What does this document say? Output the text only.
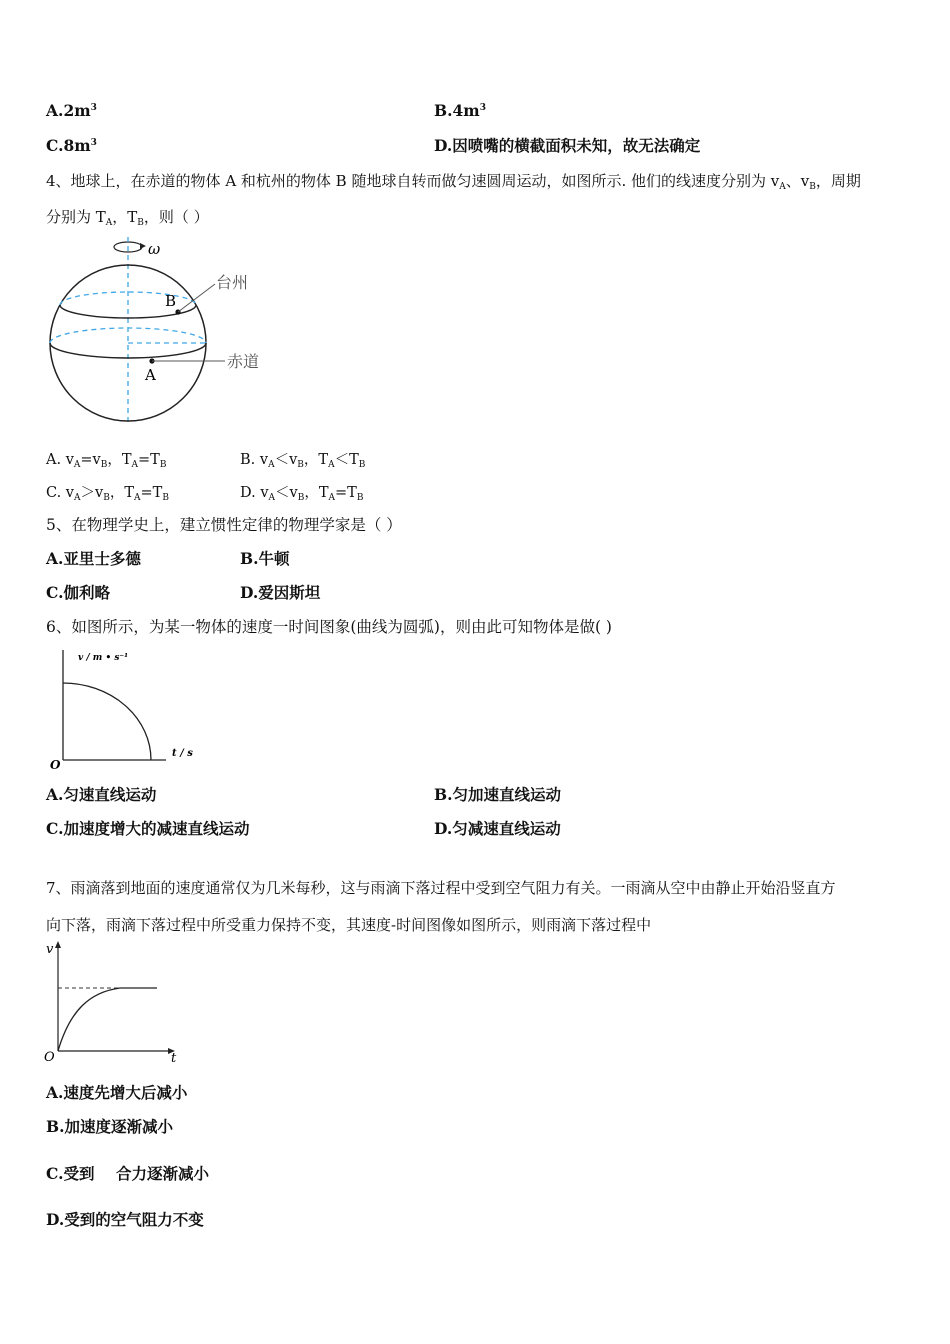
$A.2m^3$	$B.4m^3$
$C.8m^3$	D.因喷嘴的横截面积未知，故无法确定
4、地球上，在赤道的物体 A 和杭州的物体 B 随地球自转而做匀速圆周运动，如图所示. 他们的线速度分别为 $v_A$、$v_B$，周期
分别为 $T_A$，$T_B$，则（ ）
ω
B
A
台州
赤道
A. $v_A=v_B$，$T_A=T_B$	B. $v_A<v_B$，$T_A<T_B$
C. $v_A>v_B$，$T_A=T_B$	D. $v_A<v_B$，$T_A=T_B$
5、在物理学史上，建立惯性定律的物理学家是（ ）
A.亚里士多德	B.牛顿
C.伽利略	D.爱因斯坦
6、如图所示，为某一物体的速度一时间图象(曲线为圆弧)，则由此可知物体是做( )
v / m • s⁻¹
t / s
O
A.匀速直线运动	B.匀加速直线运动
C.加速度增大的减速直线运动	D.匀减速直线运动
7、雨滴落到地面的速度通常仅为几米每秒，这与雨滴下落过程中受到空气阻力有关。一雨滴从空中由静止开始沿竖直方
向下落，雨滴下落过程中所受重力保持不变，其速度-时间图像如图所示，则雨滴下落过程中
v
t
O
A.速度先增大后减小
B.加速度逐渐减小
C.受到    合力逐渐减小
D.受到的空气阻力不变
